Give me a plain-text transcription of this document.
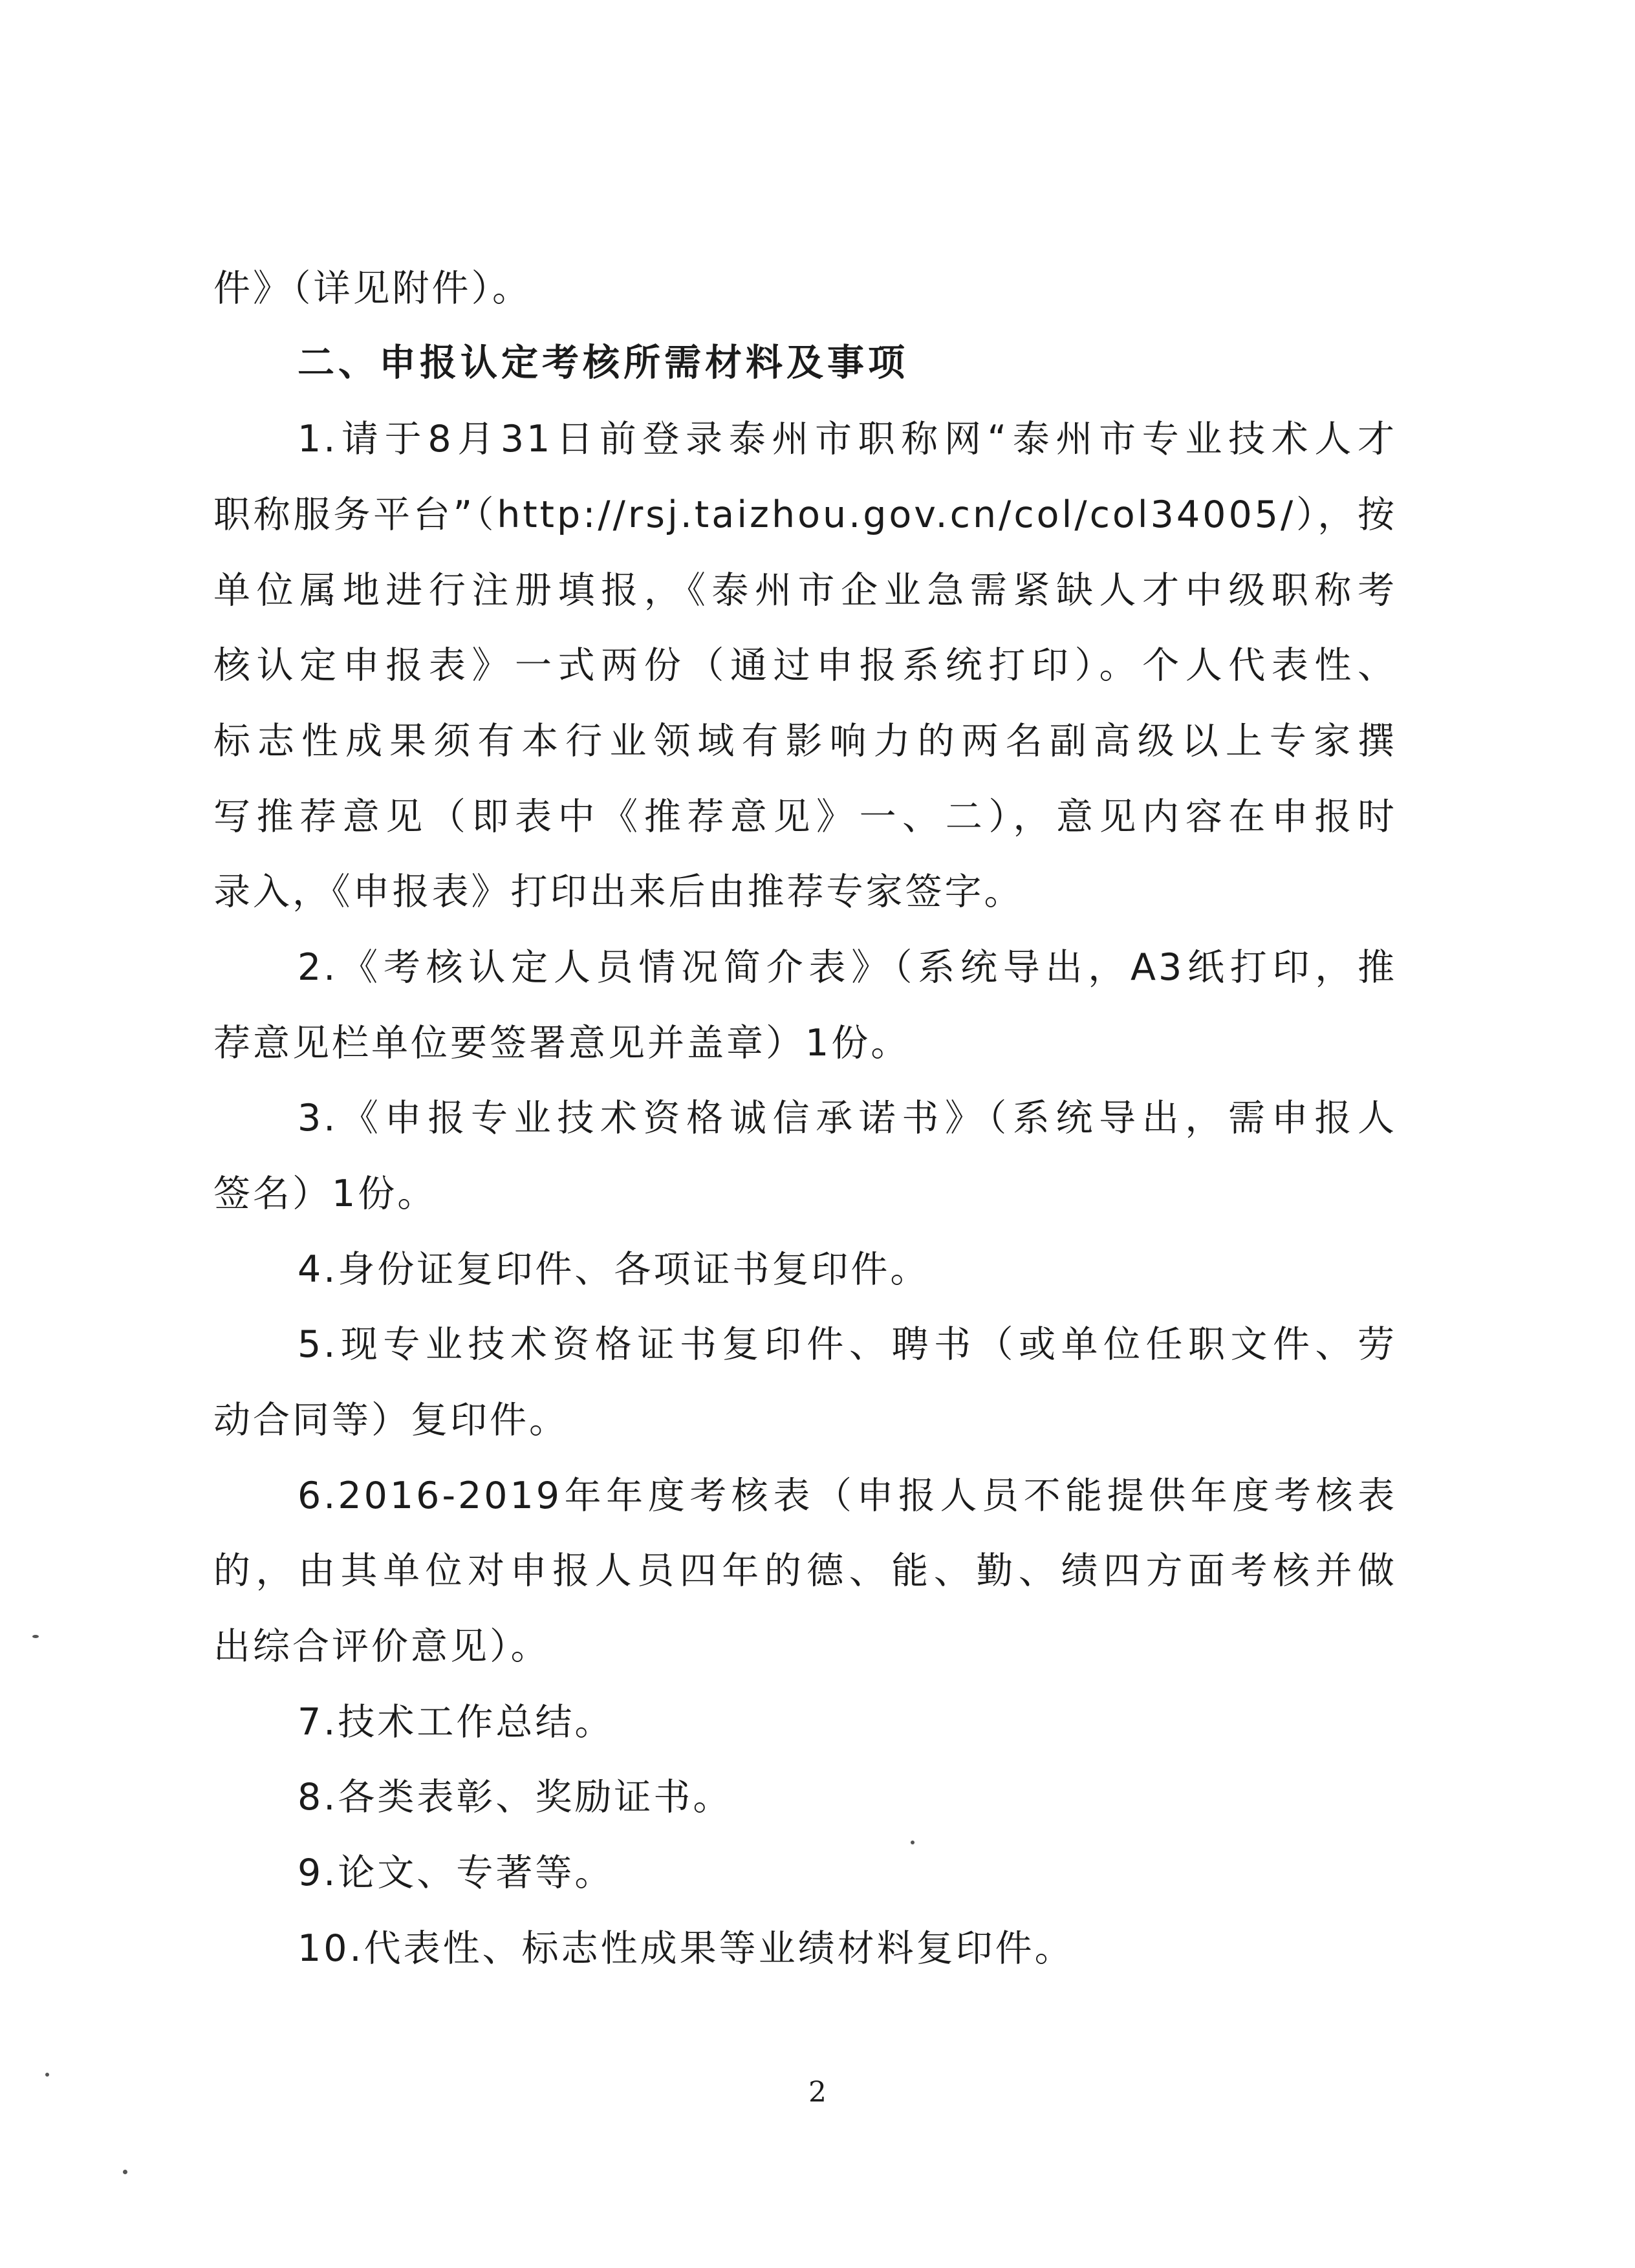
件》（详见附件）。
二、申报认定考核所需材料及事项
1.请于8月31日前登录泰州市职称网“泰州市专业技术人才
职称服务平台”（http://rsj.taizhou.gov.cn/col/col34005/），按
单位属地进行注册填报，《泰州市企业急需紧缺人才中级职称考
核认定申报表》一式两份（通过申报系统打印）。个人代表性、
标志性成果须有本行业领域有影响力的两名副高级以上专家撰
写推荐意见（即表中《推荐意见》一、二），意见内容在申报时
录入，《申报表》打印出来后由推荐专家签字。
2.《考核认定人员情况简介表》（系统导出，A3纸打印，推
荐意见栏单位要签署意见并盖章）1份。
3.《申报专业技术资格诚信承诺书》（系统导出，需申报人
签名）1份。
4.身份证复印件、各项证书复印件。
5.现专业技术资格证书复印件、聘书（或单位任职文件、劳
动合同等）复印件。
6.2016-2019年年度考核表（申报人员不能提供年度考核表
的，由其单位对申报人员四年的德、能、勤、绩四方面考核并做
出综合评价意见）。
7.技术工作总结。
8.各类表彰、奖励证书。
9.论文、专著等。
10.代表性、标志性成果等业绩材料复印件。
2
